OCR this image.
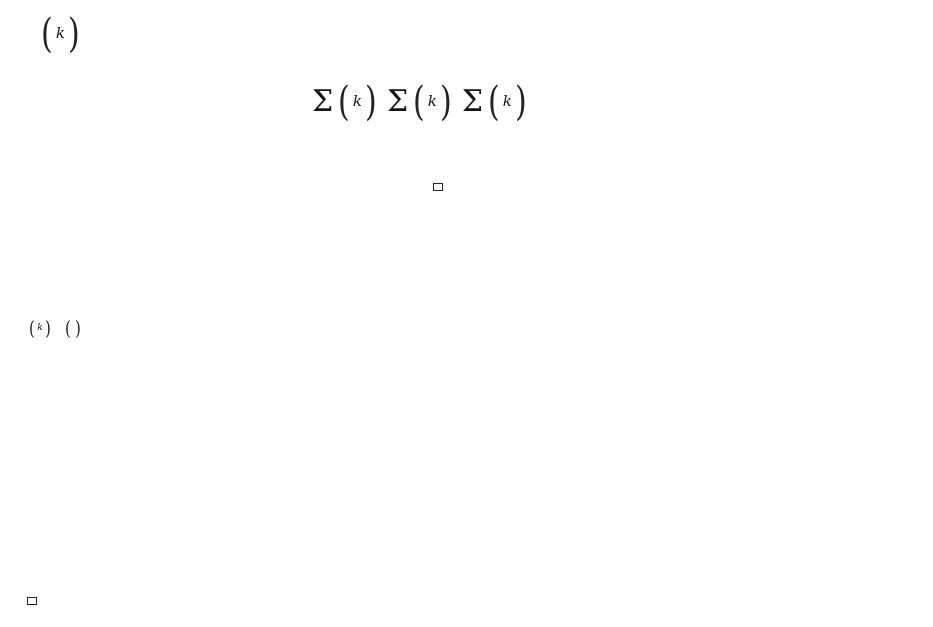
( k )
Σ ( k )
Σ ( k )
Σ ( k )

( k )

( )
